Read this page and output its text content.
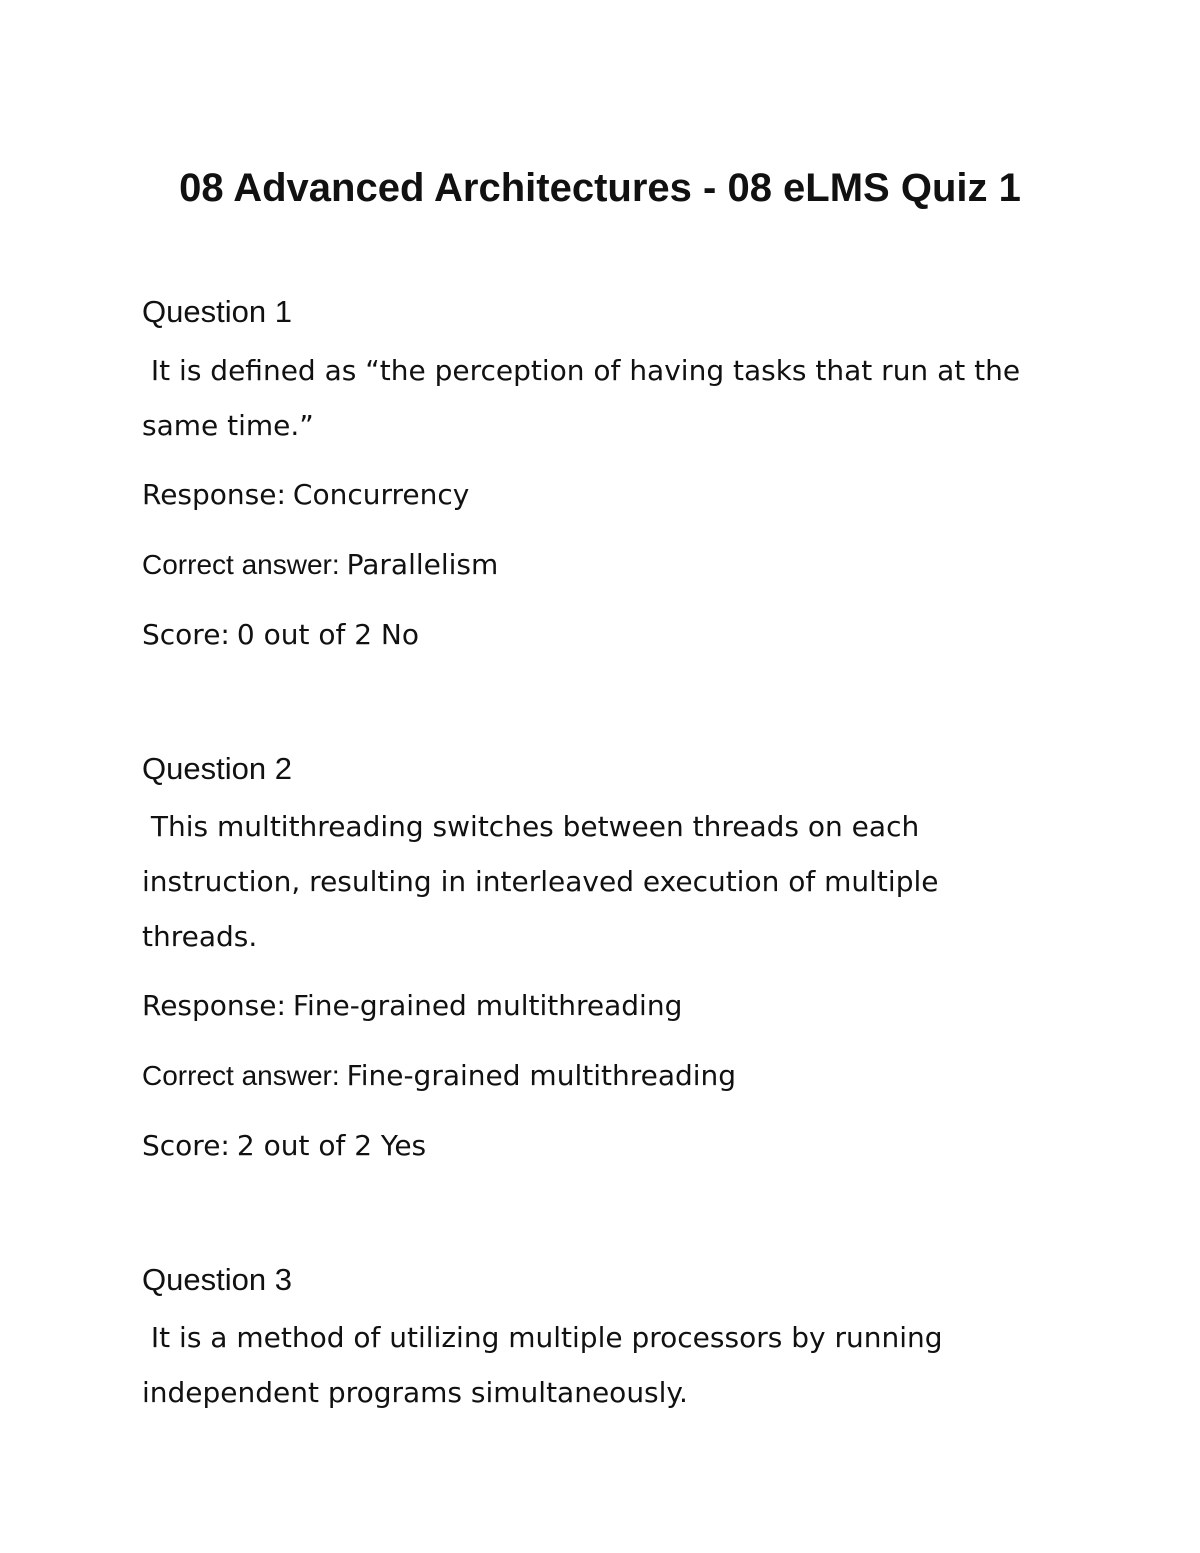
08 Advanced Architectures - 08 eLMS Quiz 1

Question 1

It is defined as “the perception of having tasks that run at the same time.”

Response: Concurrency

Correct answer: Parallelism

Score: 0 out of 2 No

Question 2

This multithreading switches between threads on each instruction, resulting in interleaved execution of multiple threads.

Response: Fine-grained multithreading

Correct answer: Fine-grained multithreading

Score: 2 out of 2 Yes

Question 3

It is a method of utilizing multiple processors by running independent programs simultaneously.
